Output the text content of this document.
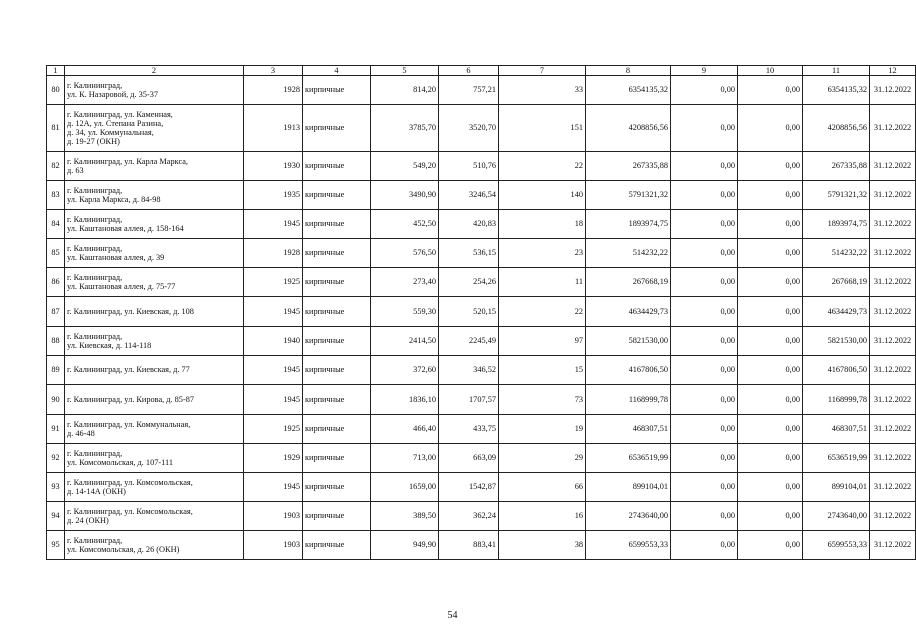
1	2	3	4	5	6	7	8	9	10	11	12
80	г. Калининград,
ул. К. Назаровой, д. 35-37	1928	кирпичные	814,20	757,21	33	6354135,32	0,00	0,00	6354135,32	31.12.2022
81	г. Калининград, ул. Каменная,
д. 12А, ул. Степана Разина,
д. 34, ул. Коммунальная,
д. 19-27 (ОКН)	1913	кирпичные	3785,70	3520,70	151	4208856,56	0,00	0,00	4208856,56	31.12.2022
82	г. Калининград, ул. Карла Маркса,
д. 63	1930	кирпичные	549,20	510,76	22	267335,88	0,00	0,00	267335,88	31.12.2022
83	г. Калининград,
ул. Карла Маркса, д. 84-98	1935	кирпичные	3490,90	3246,54	140	5791321,32	0,00	0,00	5791321,32	31.12.2022
84	г. Калининград,
ул. Каштановая аллея, д. 158-164	1945	кирпичные	452,50	420,83	18	1893974,75	0,00	0,00	1893974,75	31.12.2022
85	г. Калининград,
ул. Каштановая аллея, д. 39	1928	кирпичные	576,50	536,15	23	514232,22	0,00	0,00	514232,22	31.12.2022
86	г. Калининград,
ул. Каштановая аллея, д. 75-77	1925	кирпичные	273,40	254,26	11	267668,19	0,00	0,00	267668,19	31.12.2022
87	г. Калининград, ул. Киевская, д. 108	1945	кирпичные	559,30	520,15	22	4634429,73	0,00	0,00	4634429,73	31.12.2022
88	г. Калининград,
ул. Киевская, д. 114-118	1940	кирпичные	2414,50	2245,49	97	5821530,00	0,00	0,00	5821530,00	31.12.2022
89	г. Калининград, ул. Киевская, д. 77	1945	кирпичные	372,60	346,52	15	4167806,50	0,00	0,00	4167806,50	31.12.2022
90	г. Калининград, ул. Кирова, д. 85-87	1945	кирпичные	1836,10	1707,57	73	1168999,78	0,00	0,00	1168999,78	31.12.2022
91	г. Калининград, ул. Коммунальная,
д. 46-48	1925	кирпичные	466,40	433,75	19	468307,51	0,00	0,00	468307,51	31.12.2022
92	г. Калининград,
ул. Комсомольская, д. 107-111	1929	кирпичные	713,00	663,09	29	6536519,99	0,00	0,00	6536519,99	31.12.2022
93	г. Калининград, ул. Комсомольская,
д. 14-14А (ОКН)	1945	кирпичные	1659,00	1542,87	66	899104,01	0,00	0,00	899104,01	31.12.2022
94	г. Калининград, ул. Комсомольская,
д. 24 (ОКН)	1903	кирпичные	389,50	362,24	16	2743640,00	0,00	0,00	2743640,00	31.12.2022
95	г. Калининград,
ул. Комсомольская, д. 26 (ОКН)	1903	кирпичные	949,90	883,41	38	6599553,33	0,00	0,00	6599553,33	31.12.2022
54
